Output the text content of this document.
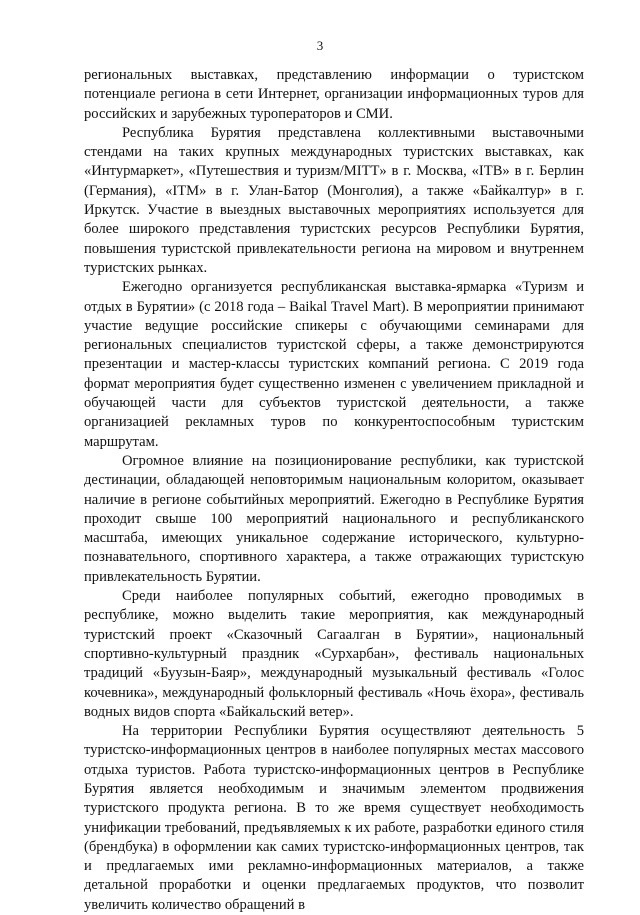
3

региональных выставках, представлению информации о туристском потенциале региона в сети Интернет, организации информационных туров для российских и зарубежных туроператоров и СМИ.

Республика Бурятия представлена коллективными выставочными стендами на таких крупных международных туристских выставках, как «Интурмаркет», «Путешествия и туризм/MITT» в г. Москва, «ITB» в г. Берлин (Германия), «ITM» в г. Улан-Батор (Монголия), а также «Байкалтур» в г. Иркутск. Участие в выездных выставочных мероприятиях используется для более широкого представления туристских ресурсов Республики Бурятия, повышения туристской привлекательности региона на мировом и внутреннем туристских рынках.

Ежегодно организуется республиканская выставка-ярмарка «Туризм и отдых в Бурятии» (с 2018 года – Baikal Travel Mart). В мероприятии принимают участие ведущие российские спикеры с обучающими семинарами для региональных специалистов туристской сферы, а также демонстрируются презентации и мастер-классы туристских компаний региона. С 2019 года формат мероприятия будет существенно изменен с увеличением прикладной и обучающей части для субъектов туристской деятельности, а также организацией рекламных туров по конкурентоспособным туристским маршрутам.

Огромное влияние на позиционирование республики, как туристской дестинации, обладающей неповторимым национальным колоритом, оказывает наличие в регионе событийных мероприятий. Ежегодно в Республике Бурятия проходит свыше 100 мероприятий национального и республиканского масштаба, имеющих уникальное содержание исторического, культурно-познавательного, спортивного характера, а также отражающих туристскую привлекательность Бурятии.

Среди наиболее популярных событий, ежегодно проводимых в республике, можно выделить такие мероприятия, как международный туристский проект «Сказочный Сагаалган в Бурятии», национальный спортивно-культурный праздник «Сурхарбан», фестиваль национальных традиций «Буузын-Баяр», международный музыкальный фестиваль «Голос кочевника», международный фольклорный фестиваль «Ночь ёхора», фестиваль водных видов спорта «Байкальский ветер».

На территории Республики Бурятия осуществляют деятельность 5 туристско-информационных центров в наиболее популярных местах массового отдыха туристов. Работа туристско-информационных центров в Республике Бурятия является необходимым и значимым элементом продвижения туристского продукта региона. В то же время существует необходимость унификации требований, предъявляемых к их работе, разработки единого стиля (брендбука) в оформлении как самих туристско-информационных центров, так и предлагаемых ими рекламно-информационных материалов, а также детальной проработки и оценки предлагаемых продуктов, что позволит увеличить количество обращений в
